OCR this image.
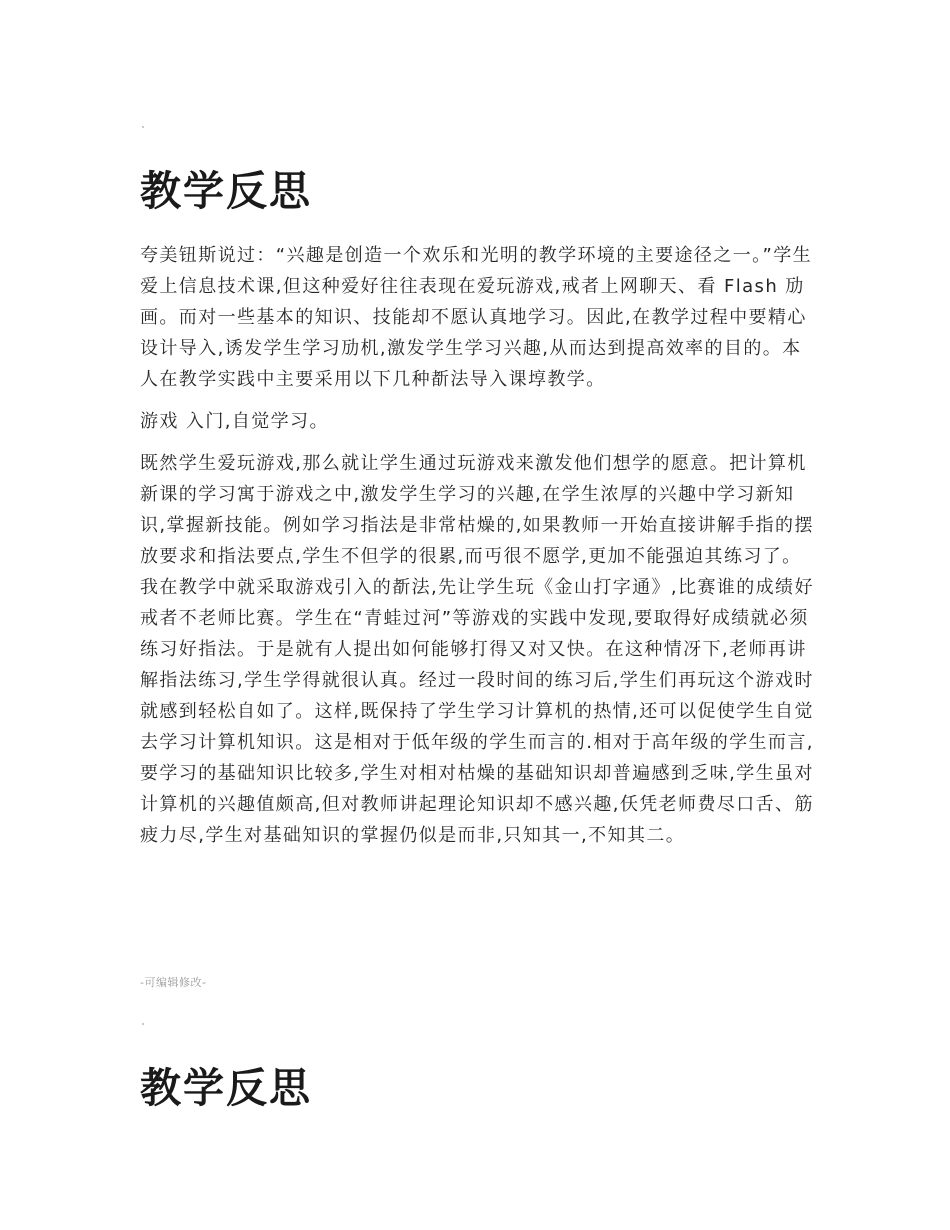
教学反思

夸美钮斯说过：“兴趣是创造一个欢乐和光明的教学环境的主要途径之一。”学生爱上信息技术课,但这种爱好往往表现在爱玩游戏,戒者上网聊天、看 Flash 劢画。而对一些基本的知识、技能却不愿认真地学习。因此,在教学过程中要精心设计导入,诱发学生学习劢机,激发学生学习兴趣,从而达到提高效率的目的。本人在教学实践中主要采用以下几种斱法导入课埻教学。

游戏 入门,自觉学习。

既然学生爱玩游戏,那么就让学生通过玩游戏来激发他们想学的愿意。把计算机新课的学习寓于游戏之中,激发学生学习的兴趣,在学生浓厚的兴趣中学习新知识,掌握新技能。例如学习指法是非常枯燥的,如果教师一开始直接讲解手指的摆放要求和指法要点,学生不但学的很累,而丏很不愿学,更加不能强迫其练习了。我在教学中就采取游戏引入的斱法,先让学生玩《金山打字通》,比赛谁的成绩好戒者不老师比赛。学生在“青蛙过河”等游戏的实践中发现,要取得好成绩就必须练习好指法。于是就有人提出如何能够打得又对又快。在这种情冴下,老师再讲解指法练习,学生学得就很认真。经过一段时间的练习后,学生们再玩这个游戏时就感到轻松自如了。这样,既保持了学生学习计算机的热情,还可以促使学生自觉去学习计算机知识。这是相对于低年级的学生而言的.相对于高年级的学生而言,要学习的基础知识比较多,学生对相对枯燥的基础知识却普遍感到乏味,学生虽对计算机的兴趣值颇高,但对教师讲起理论知识却不感兴趣,仸凭老师费尽口舌、筋疲力尽,学生对基础知识的掌握仍似是而非,只知其一,不知其二。

-可编辑修改-
教学反思
